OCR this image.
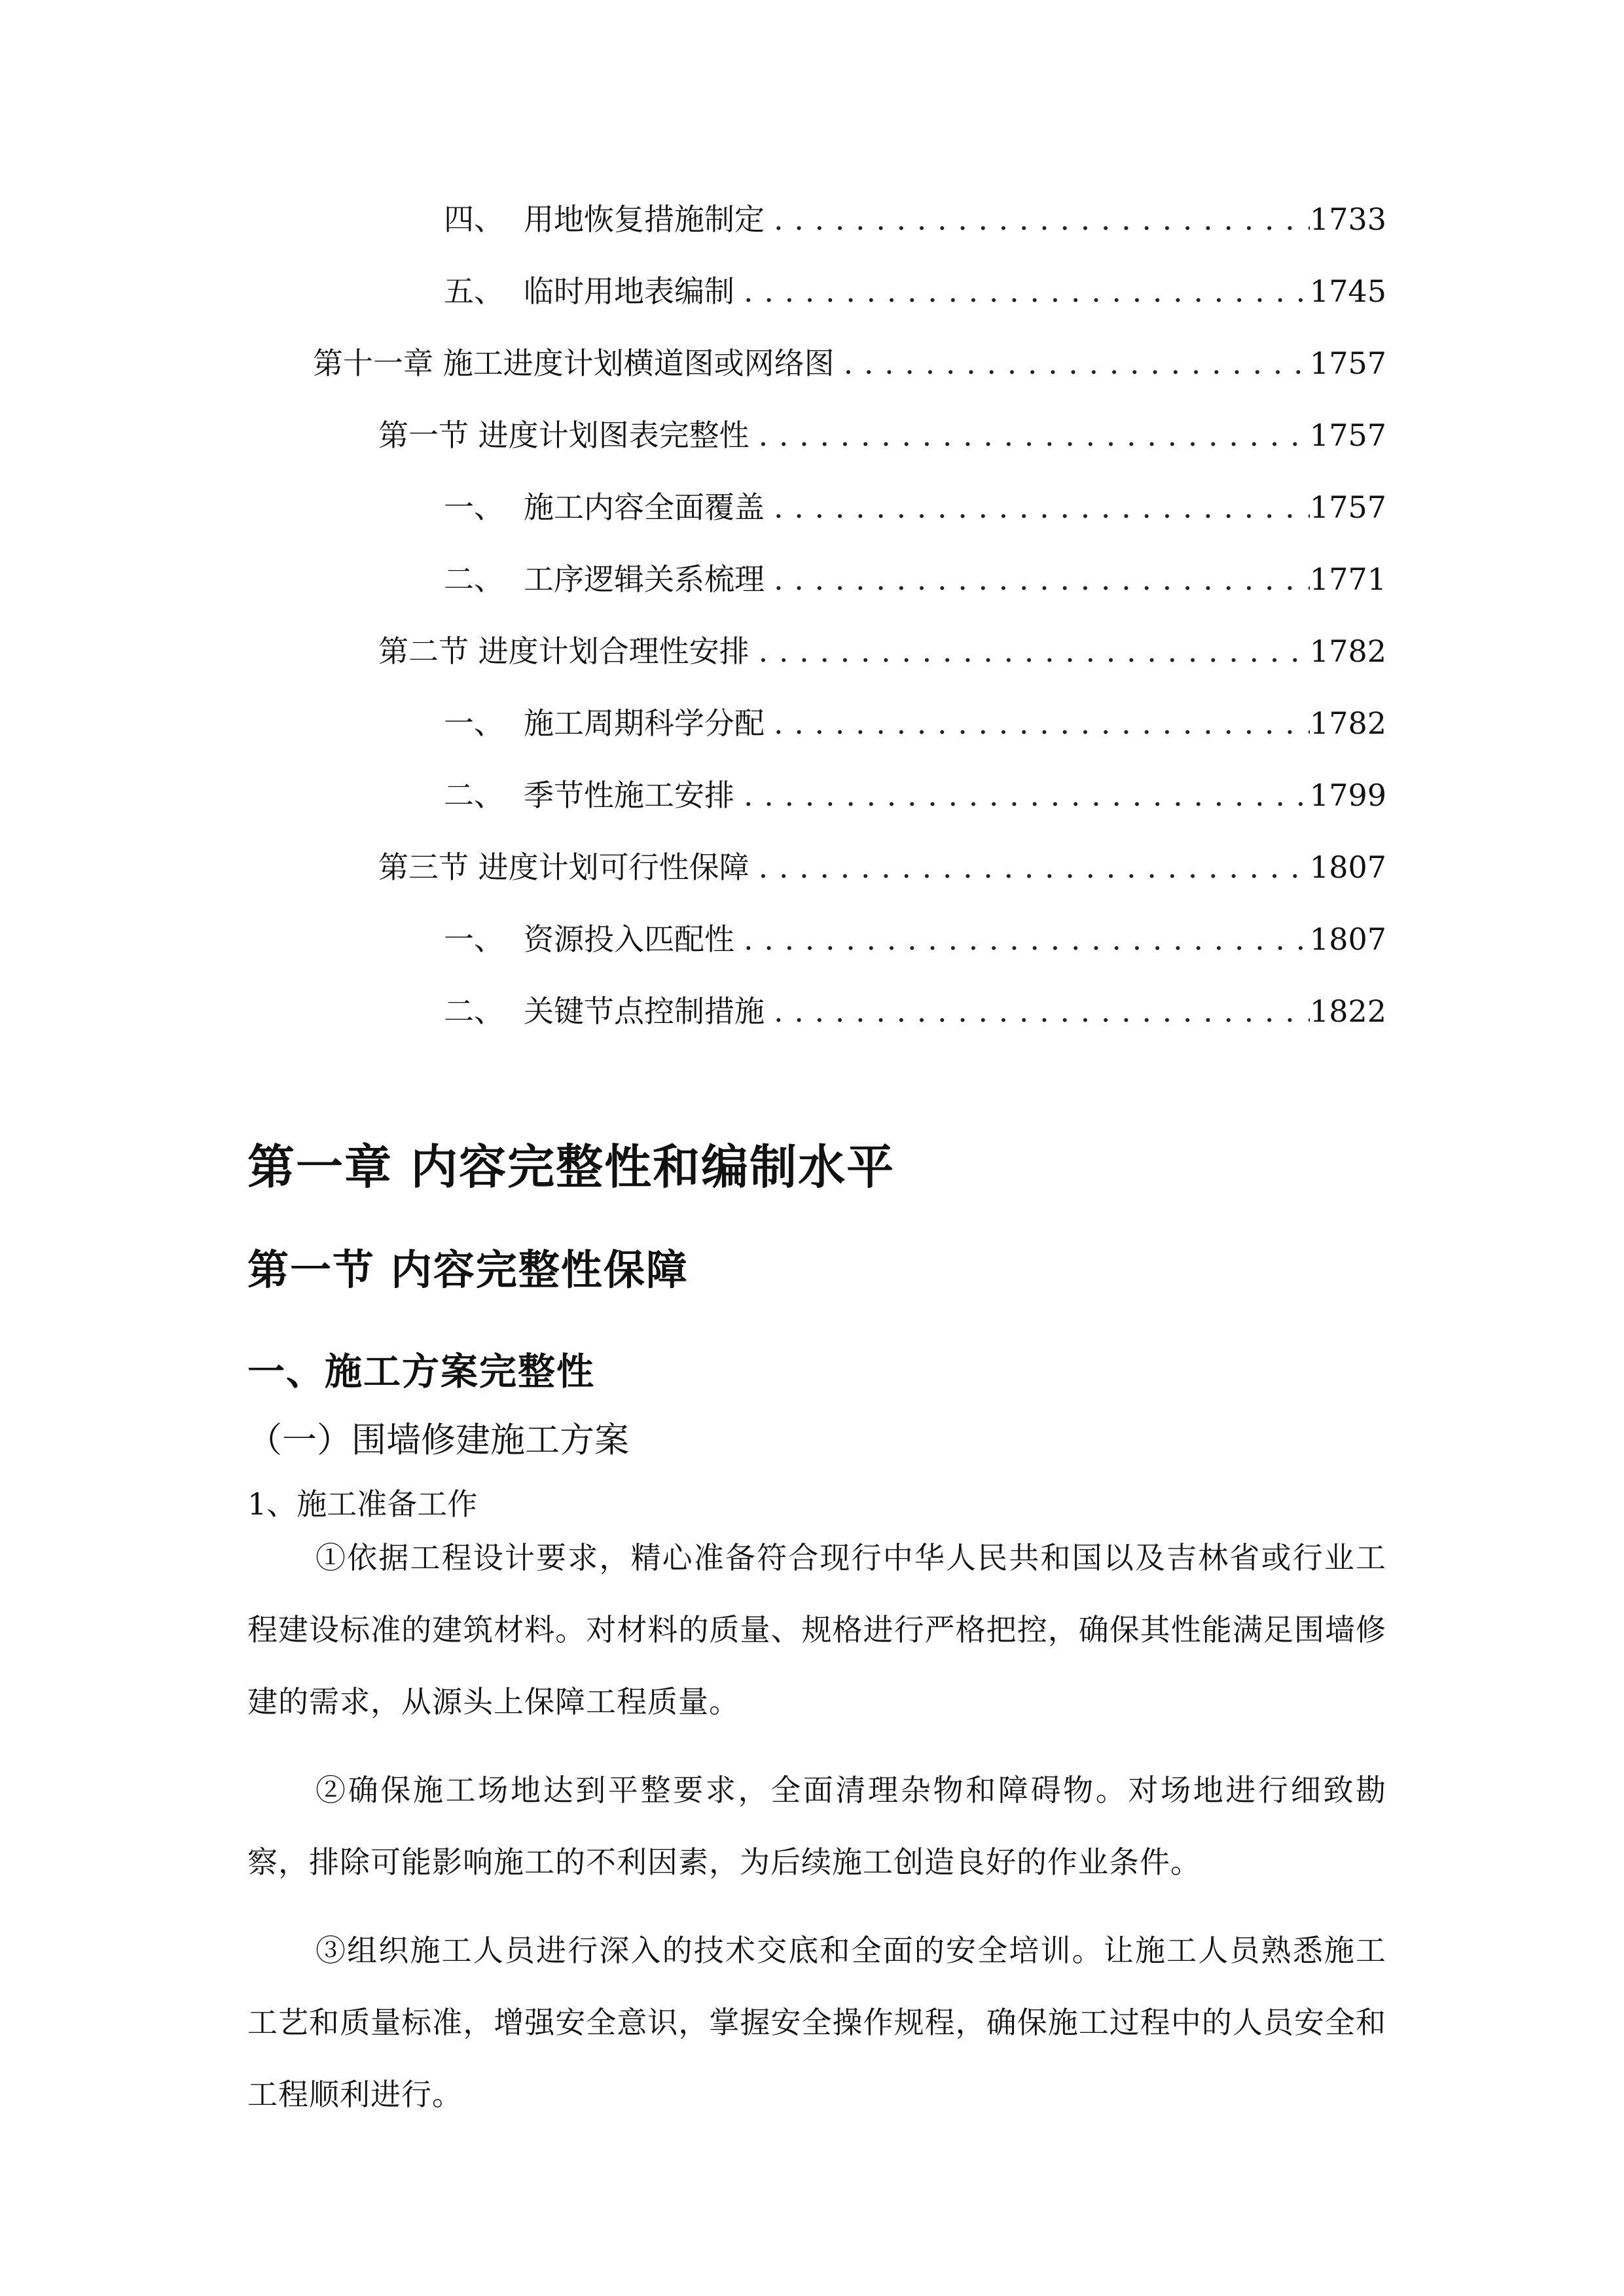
四、 用地恢复措施制定 . . .	1733
五、 临时用地表编制 . . .	1745
第十一章 施工进度计划横道图或网络图 . . .	1757
第一节 进度计划图表完整性 . . .	1757
一、 施工内容全面覆盖 . . .	1757
二、 工序逻辑关系梳理 . . .	1771
第二节 进度计划合理性安排 . . .	1782
一、 施工周期科学分配 . . .	1782
二、 季节性施工安排 . . .	1799
第三节 进度计划可行性保障 . . .	1807
一、 资源投入匹配性 . . .	1807
二、 关键节点控制措施 . . .	1822
第一章 内容完整性和编制水平
第一节 内容完整性保障
一、施工方案完整性
（一）围墙修建施工方案
1、施工准备工作

①依据工程设计要求，精心准备符合现行中华人民共和国以及吉林省或行业工程建设标准的建筑材料。对材料的质量、规格进行严格把控，确保其性能满足围墙修建的需求，从源头上保障工程质量。

②确保施工场地达到平整要求，全面清理杂物和障碍物。对场地进行细致勘察，排除可能影响施工的不利因素，为后续施工创造良好的作业条件。

③组织施工人员进行深入的技术交底和全面的安全培训。让施工人员熟悉施工工艺和质量标准，增强安全意识，掌握安全操作规程，确保施工过程中的人员安全和工程顺利进行。
